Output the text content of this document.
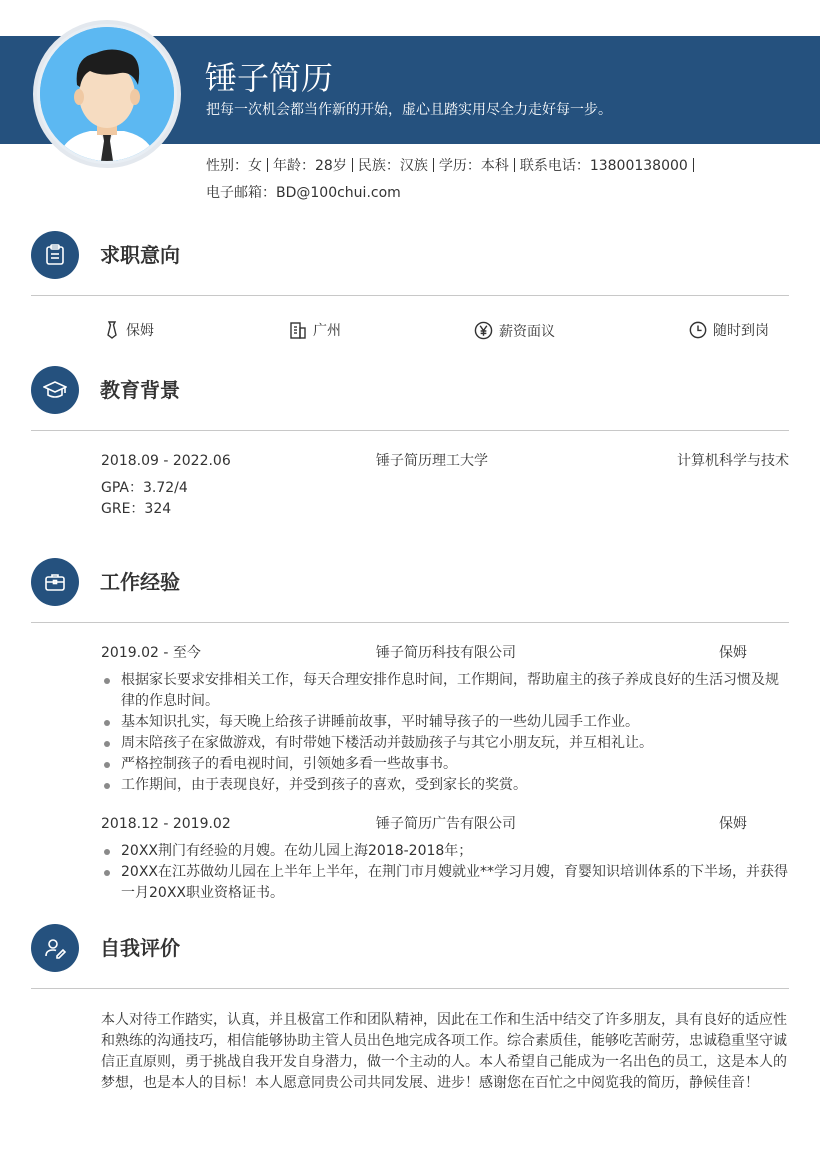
锤子简历
把每一次机会都当作新的开始，虚心且踏实用尽全力走好每一步。
性别：女 年龄：28岁 民族：汉族 学历：本科 联系电话：13800138000
电子邮箱：BD@100chui.com
求职意向
保姆	广州	薪资面议	随时到岗
教育背景
2018.09 - 2022.06	锤子简历理工大学	计算机科学与技术
GPA：3.72/4
GRE：324
工作经验
2019.02 - 至今	锤子简历科技有限公司	保姆
根据家长要求安排相关工作，每天合理安排作息时间，工作期间，帮助雇主的孩子养成良好的生活习惯及规律的作息时间。
基本知识扎实，每天晚上给孩子讲睡前故事，平时辅导孩子的一些幼儿园手工作业。
周末陪孩子在家做游戏，有时带她下楼活动并鼓励孩子与其它小朋友玩，并互相礼让。
严格控制孩子的看电视时间，引领她多看一些故事书。
工作期间，由于表现良好，并受到孩子的喜欢，受到家长的奖赏。
2018.12 - 2019.02	锤子简历广告有限公司	保姆
20XX荆门有经验的月嫂。在幼儿园上海2018-2018年；
20XX在江苏做幼儿园在上半年上半年，在荆门市月嫂就业**学习月嫂，育婴知识培训体系的下半场，并获得一月20XX职业资格证书。
自我评价
本人对待工作踏实，认真，并且极富工作和团队精神，因此在工作和生活中结交了许多朋友，具有良好的适应性和熟练的沟通技巧，相信能够协助主管人员出色地完成各项工作。综合素质佳，能够吃苦耐劳，忠诚稳重坚守诚信正直原则，勇于挑战自我开发自身潜力，做一个主动的人。本人希望自己能成为一名出色的员工，这是本人的梦想，也是本人的目标！本人愿意同贵公司共同发展、进步！感谢您在百忙之中阅览我的简历，静候佳音！
